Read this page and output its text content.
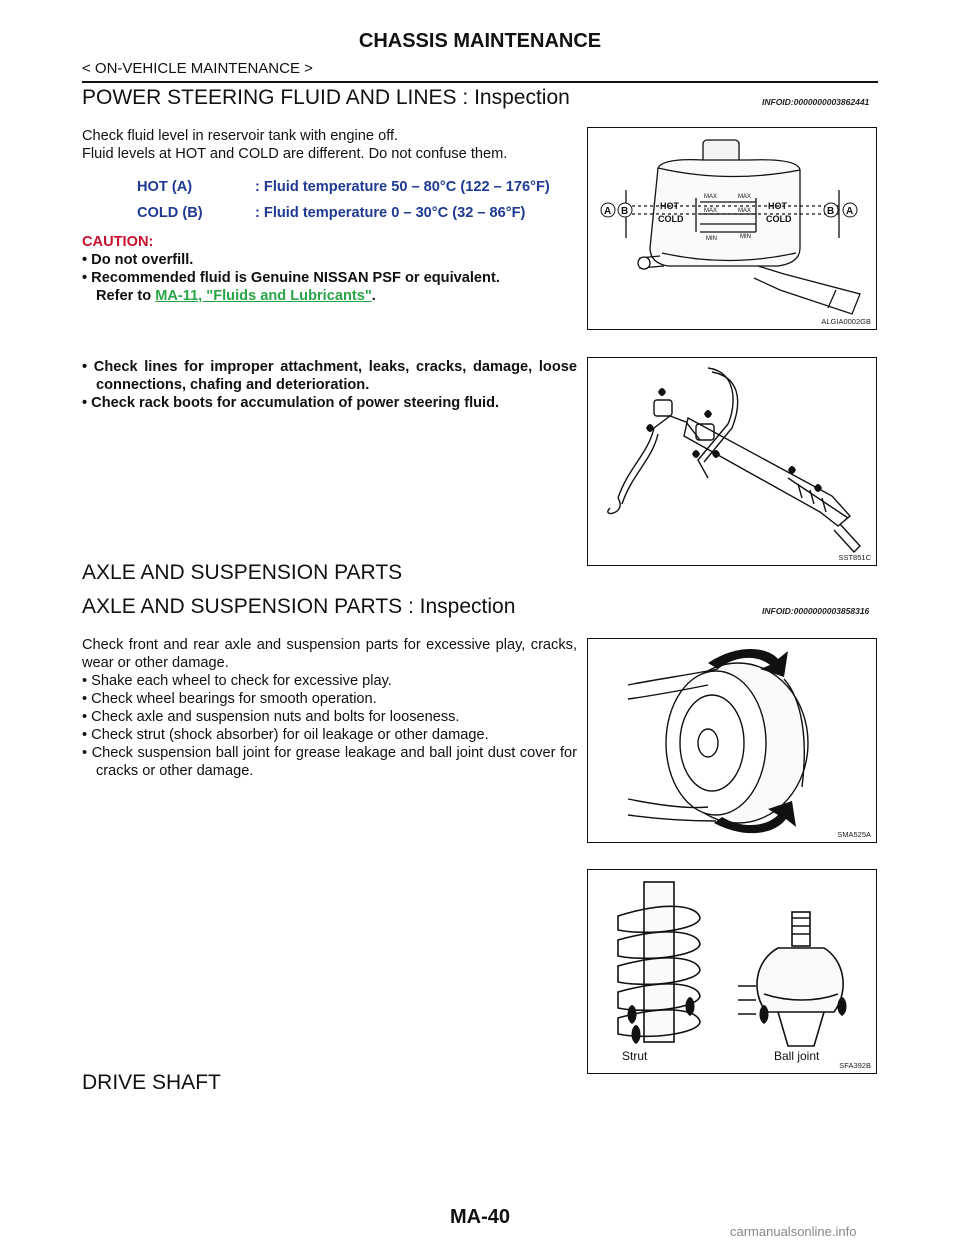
CHASSIS MAINTENANCE
< ON-VEHICLE MAINTENANCE >
POWER STEERING FLUID AND LINES : Inspection	INFOID:0000000003862441
Check fluid level in reservoir tank with engine off.
Fluid levels at HOT and COLD are different. Do not confuse them.
HOT (A)	: Fluid temperature 50 – 80°C (122 – 176°F)
COLD (B)	: Fluid temperature 0 – 30°C (32 – 86°F)
CAUTION:
• Do not overfill.
• Recommended fluid is Genuine NISSAN PSF or equivalent.
Refer to MA-11, "Fluids and Lubricants".
• Check lines for improper attachment, leaks, cracks, damage, loose connections, chafing and deterioration.
• Check rack boots for accumulation of power steering fluid.
A B	B A
HOT
COLD
HOT
COLD
MAX
MAX
MIN
MAX
MAX
MIN
ALGIA0002GB
SST851C
AXLE AND SUSPENSION PARTS
AXLE AND SUSPENSION PARTS : Inspection	INFOID:0000000003858316
Check front and rear axle and suspension parts for excessive play, cracks, wear or other damage.
• Shake each wheel to check for excessive play.
• Check wheel bearings for smooth operation.
• Check axle and suspension nuts and bolts for looseness.
• Check strut (shock absorber) for oil leakage or other damage.
• Check suspension ball joint for grease leakage and ball joint dust cover for cracks or other damage.
SMA525A
Strut	Ball joint
SFA392B
DRIVE SHAFT
MA-40
carmanualsonline.info
